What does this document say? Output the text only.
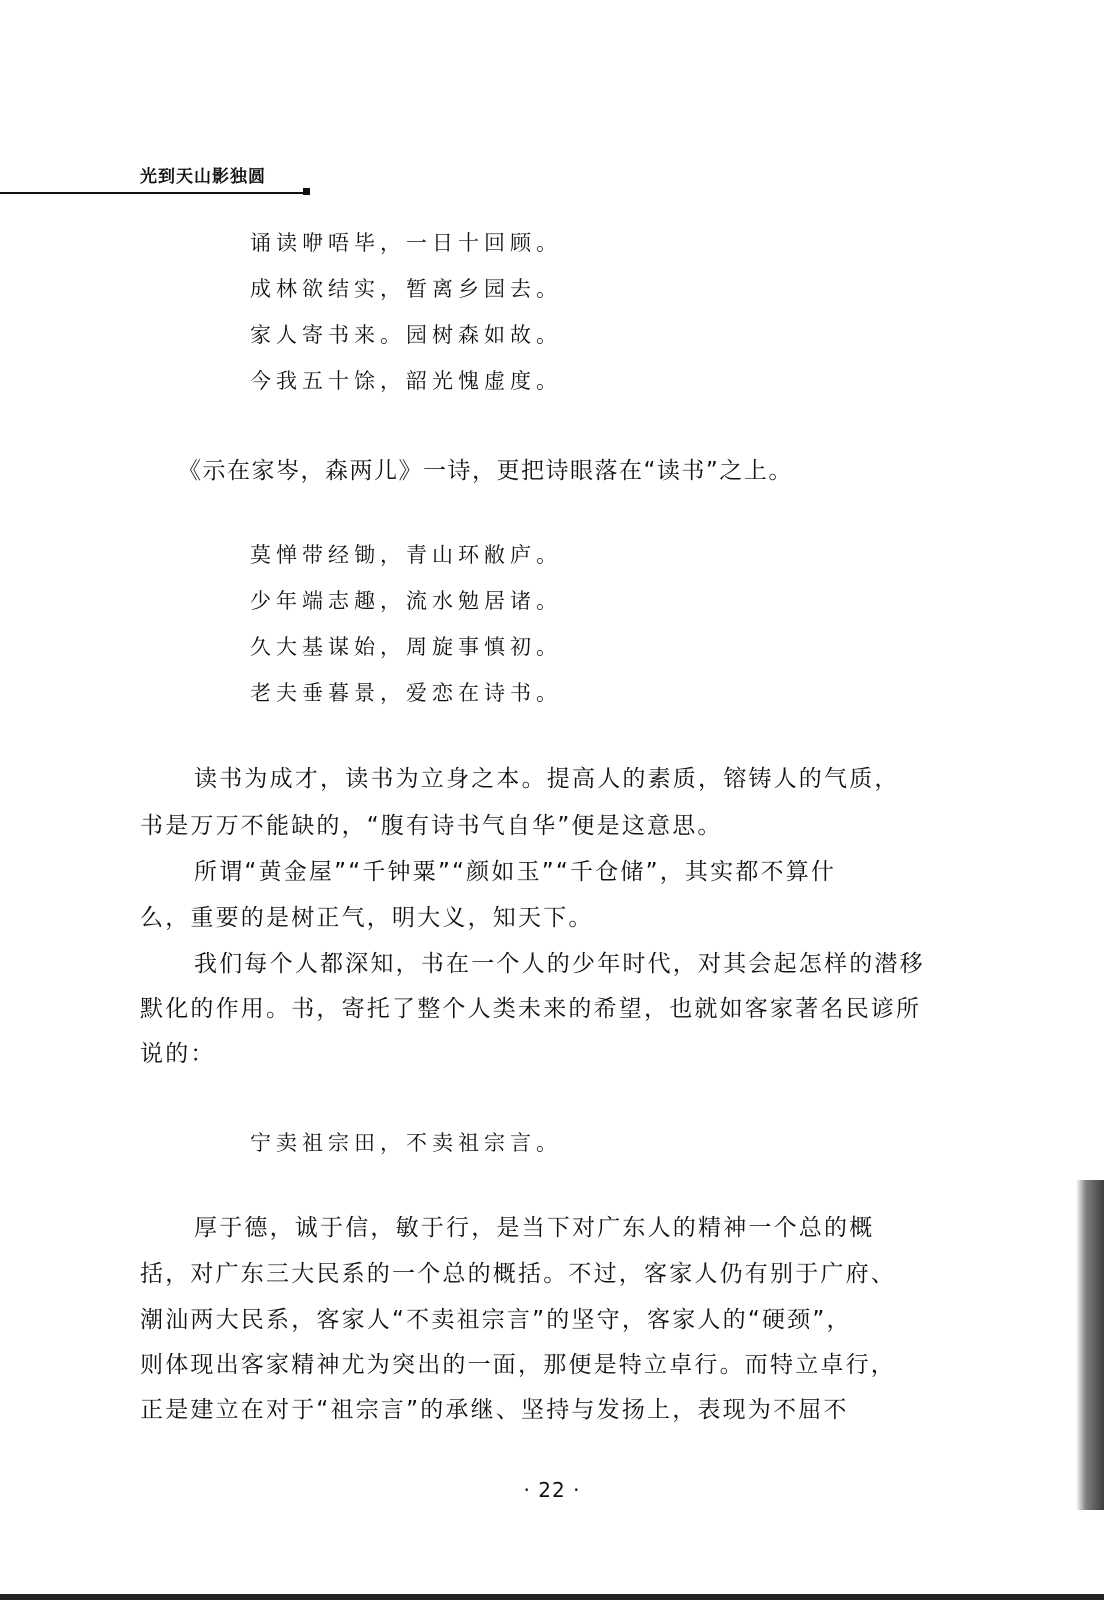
光到天山影独圆
诵读咿唔毕，一日十回顾。
成林欲结实，暂离乡园去。
家人寄书来。园树森如故。
今我五十馀，韶光愧虚度。
《示在家岑，森两儿》一诗，更把诗眼落在“读书”之上。
莫惮带经锄，青山环敝庐。
少年端志趣，流水勉居诸。
久大基谋始，周旋事慎初。
老夫垂暮景，爱恋在诗书。
读书为成才，读书为立身之本。提高人的素质，镕铸人的气质，
书是万万不能缺的，“腹有诗书气自华”便是这意思。
所谓“黄金屋”“千钟粟”“颜如玉”“千仓储”，其实都不算什
么，重要的是树正气，明大义，知天下。
我们每个人都深知，书在一个人的少年时代，对其会起怎样的潜移
默化的作用。书，寄托了整个人类未来的希望，也就如客家著名民谚所
说的：
宁卖祖宗田，不卖祖宗言。
厚于德，诚于信，敏于行，是当下对广东人的精神一个总的概
括，对广东三大民系的一个总的概括。不过，客家人仍有别于广府、
潮汕两大民系，客家人“不卖祖宗言”的坚守，客家人的“硬颈”，
则体现出客家精神尤为突出的一面，那便是特立卓行。而特立卓行，
正是建立在对于“祖宗言”的承继、坚持与发扬上，表现为不屈不
· 22 ·
